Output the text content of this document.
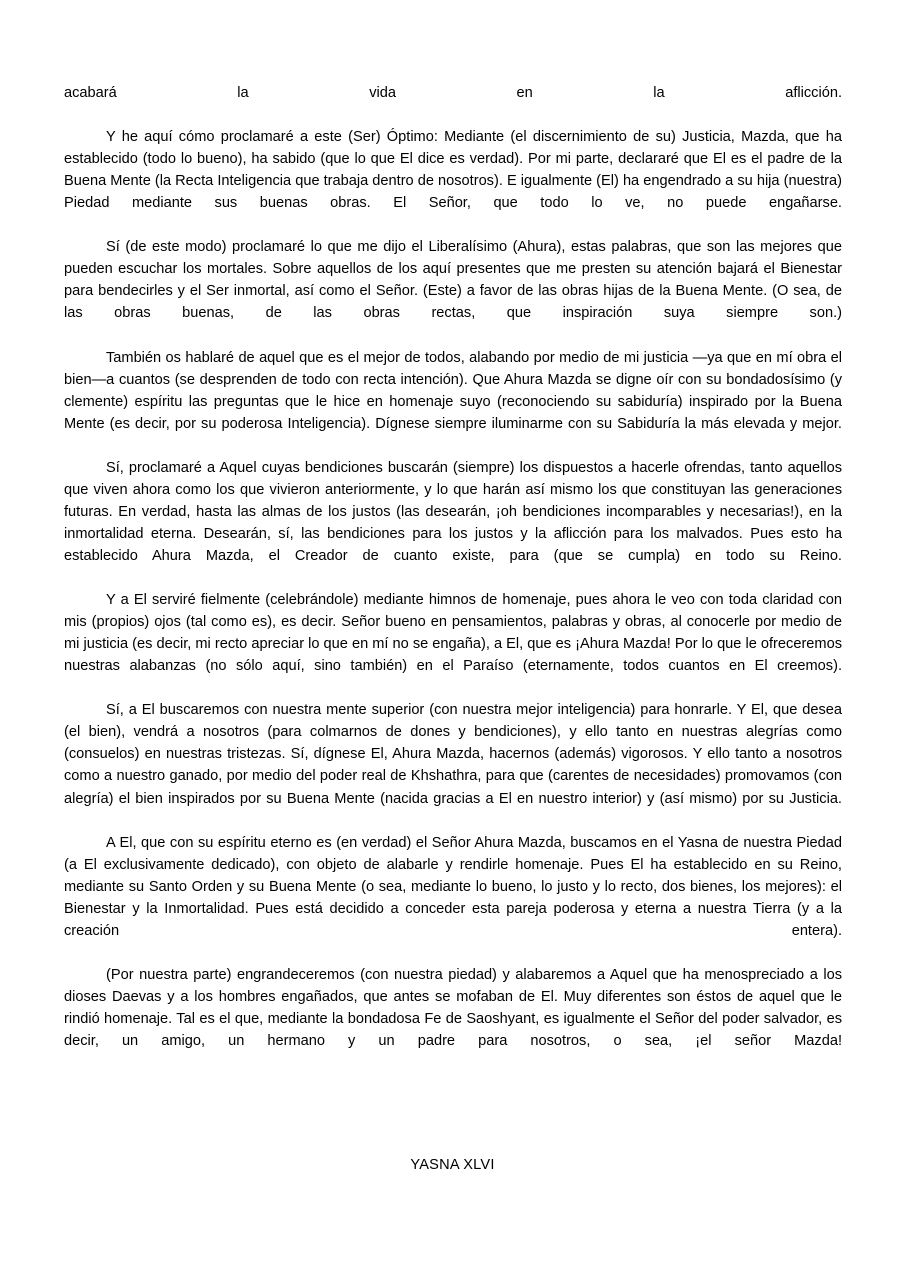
acabará la vida en la aflicción.

Y he aquí cómo proclamaré a este (Ser) Óptimo: Mediante (el discernimiento de su) Justicia, Mazda, que ha establecido (todo lo bueno), ha sabido (que lo que El dice es verdad). Por mi parte, declararé que El es el padre de la Buena Mente (la Recta Inteligencia que trabaja dentro de nosotros). E igualmente (El) ha engendrado a su hija (nuestra) Piedad mediante sus buenas obras. El Señor, que todo lo ve, no puede engañarse.

Sí (de este modo) proclamaré lo que me dijo el Liberalísimo (Ahura), estas palabras, que son las mejores que pueden escuchar los mortales. Sobre aquellos de los aquí presentes que me presten su atención bajará el Bienestar para bendecirles y el Ser inmortal, así como el Señor. (Este) a favor de las obras hijas de la Buena Mente. (O sea, de las obras buenas, de las obras rectas, que inspiración suya siempre son.)

También os hablaré de aquel que es el mejor de todos, alabando por medio de mi justicia —ya que en mí obra el bien—a cuantos (se desprenden de todo con recta intención). Que Ahura Mazda se digne oír con su bondadosísimo (y clemente) espíritu las preguntas que le hice en homenaje suyo (reconociendo su sabiduría) inspirado por la Buena Mente (es decir, por su poderosa Inteligencia). Dígnese siempre iluminarme con su Sabiduría la más elevada y mejor.

Sí, proclamaré a Aquel cuyas bendiciones buscarán (siempre) los dispuestos a hacerle ofrendas, tanto aquellos que viven ahora como los que vivieron anteriormente, y lo que harán así mismo los que constituyan las generaciones futuras. En verdad, hasta las almas de los justos (las desearán, ¡oh bendiciones incomparables y necesarias!), en la inmortalidad eterna. Desearán, sí, las bendiciones para los justos y la aflicción para los malvados. Pues esto ha establecido Ahura Mazda, el Creador de cuanto existe, para (que se cumpla) en todo su Reino.

Y a El serviré fielmente (celebrándole) mediante himnos de homenaje, pues ahora le veo con toda claridad con mis (propios) ojos (tal como es), es decir. Señor bueno en pensamientos, palabras y obras, al conocerle por medio de mi justicia (es decir, mi recto apreciar lo que en mí no se engaña), a El, que es ¡Ahura Mazda! Por lo que le ofreceremos nuestras alabanzas (no sólo aquí, sino también) en el Paraíso (eternamente, todos cuantos en El creemos).

Sí, a El buscaremos con nuestra mente superior (con nuestra mejor inteligencia) para honrarle. Y El, que desea (el bien), vendrá a nosotros (para colmarnos de dones y bendiciones), y ello tanto en nuestras alegrías como (consuelos) en nuestras tristezas. Sí, dígnese El, Ahura Mazda, hacernos (además) vigorosos. Y ello tanto a nosotros como a nuestro ganado, por medio del poder real de Khshathra, para que (carentes de necesidades) promovamos (con alegría) el bien inspirados por su Buena Mente (nacida gracias a El en nuestro interior) y (así mismo) por su Justicia.

A El, que con su espíritu eterno es (en verdad) el Señor Ahura Mazda, buscamos en el Yasna de nuestra Piedad (a El exclusivamente dedicado), con objeto de alabarle y rendirle homenaje. Pues El ha establecido en su Reino, mediante su Santo Orden y su Buena Mente (o sea, mediante lo bueno, lo justo y lo recto, dos bienes, los mejores): el Bienestar y la Inmortalidad. Pues está decidido a conceder esta pareja poderosa y eterna a nuestra Tierra (y a la creación entera).

(Por nuestra parte) engrandeceremos (con nuestra piedad) y alabaremos a Aquel que ha menospreciado a los dioses Daevas y a los hombres engañados, que antes se mofaban de El. Muy diferentes son éstos de aquel que le rindió homenaje. Tal es el que, mediante la bondadosa Fe de Saoshyant, es igualmente el Señor del poder salvador, es decir, un amigo, un hermano y un padre para nosotros, o sea, ¡el señor Mazda!

YASNA XLVI
